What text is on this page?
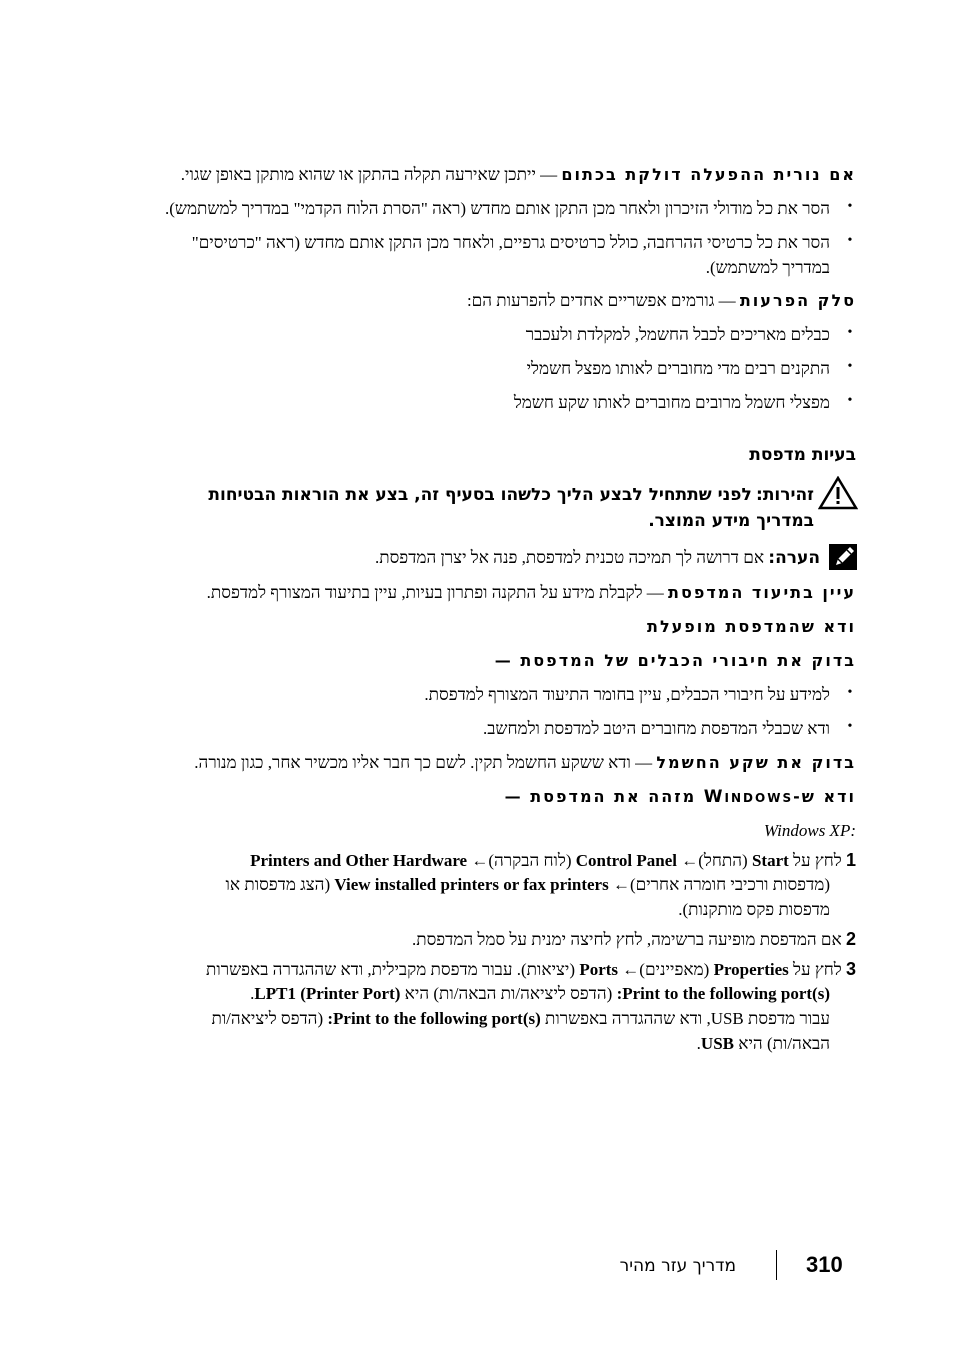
אם נורית ההפעלה דולקת בכתום — ייתכן שאירעה תקלה בהתקן או שהוא מותקן באופן שגוי.
•
הסר את כל מודולי הזיכרון ולאחר מכן התקן אותם מחדש (ראה "הסרת הלוח הקדמי" במדריך למשתמש).
•
הסר את כל כרטיסי ההרחבה, כולל כרטיסים גרפיים, ולאחר מכן התקן אותם מחדש (ראה "כרטיסים"
במדריך למשתמש).
סלק הפרעות — גורמים אפשריים אחדים להפרעות הם:
•
כבלים מאריכים לכבל החשמל, למקלדת ולעכבר
•
התקנים רבים מדי מחוברים לאותו מפצל חשמלי
•
מפצלי חשמל מרובים מחוברים לאותו שקע חשמל
בעיות מדפסת
זהירות: לפני שתתחיל לבצע הליך כלשהו בסעיף זה, בצע את הוראות הבטיחות
במדריך מידע המוצר.
הערה: אם דרושה לך תמיכה טכנית למדפסת, פנה אל יצרן המדפסת.
עיין בתיעוד המדפסת — לקבלת מידע על התקנה ופתרון בעיות, עיין בתיעוד המצורף למדפסת.
ודא שהמדפסת מופעלת
בדוק את חיבורי הכבלים של המדפסת —
•
למידע על חיבורי הכבלים, עיין בחומר התיעוד המצורף למדפסת.
•
ודא שכבלי המדפסת מחוברים היטב למדפסת ולמחשב.
בדוק את שקע החשמל — ודא ששקע החשמל תקין. לשם כך חבר אליו מכשיר אחר, כגון מנורה.
ודא ש-WINDOWS מזהה את המדפסת —
Windows XP:
1 לחץ על Start (התחל)← Control Panel (לוח הבקרה)← Printers and Other Hardware
(מדפסות ורכיבי חומרה אחרים)← View installed printers or fax printers (הצג מדפסות או
מדפסות פקס מותקנות).
2 אם המדפסת מופיעה ברשימה, לחץ לחיצה ימנית על סמל המדפסת.
3 לחץ על Properties (מאפיינים)← Ports (יציאות). עבור מדפסת מקבילית, ודא שההגדרה באפשרות
Print to the following port(s): (הדפס ליציאה/ות הבאה/ות) היא LPT1 (Printer Port).
עבור מדפסת USB, ודא שההגדרה באפשרות Print to the following port(s): (הדפס ליציאה/ות
הבאה/ות) היא USB.
310
מדריך עזר מהיר
